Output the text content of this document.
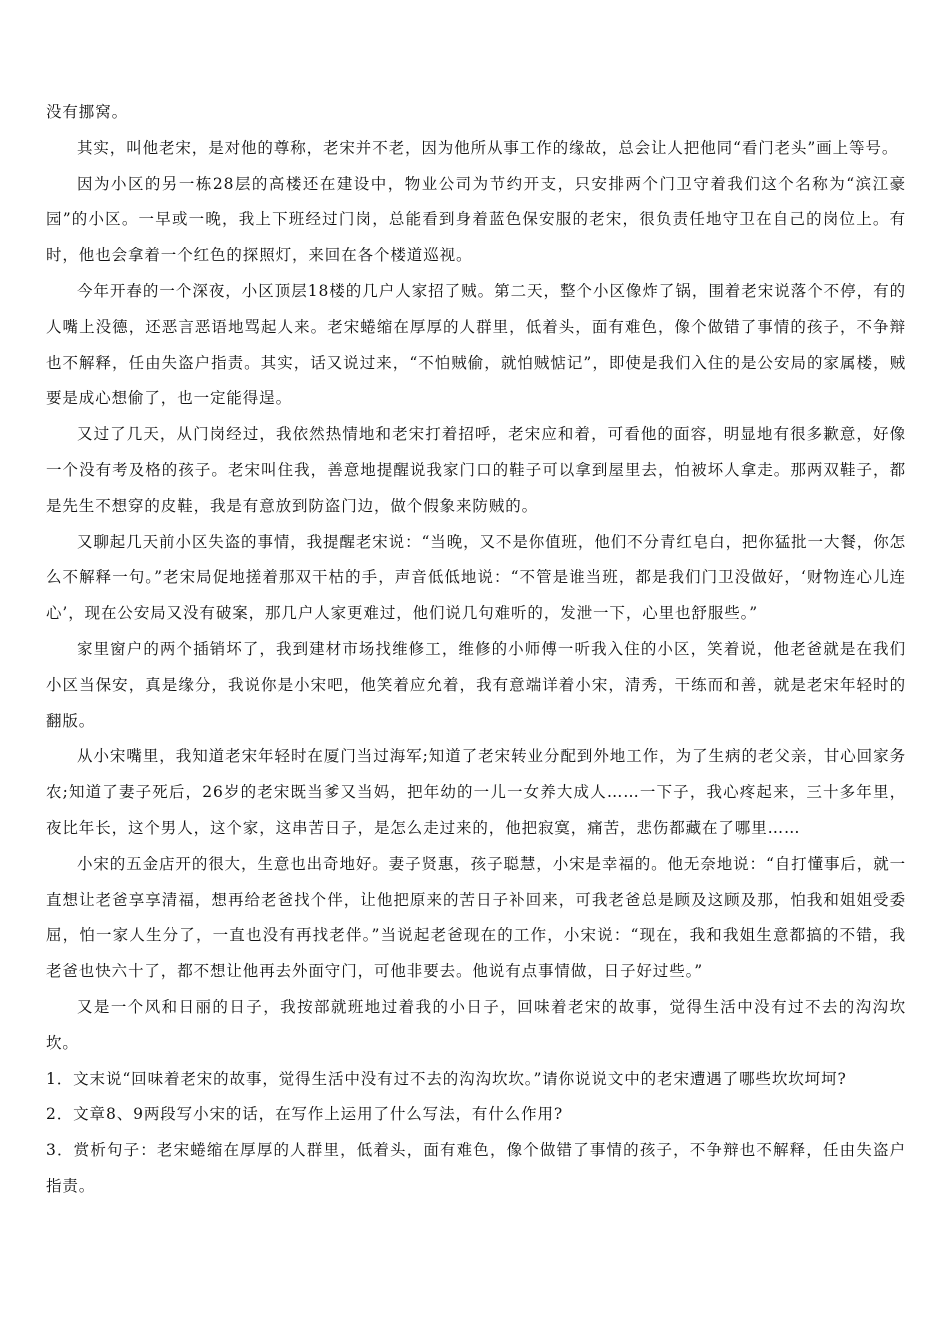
没有挪窝。

其实，叫他老宋，是对他的尊称，老宋并不老，因为他所从事工作的缘故，总会让人把他同“看门老头”画上等号。

因为小区的另一栋28层的高楼还在建设中，物业公司为节约开支，只安排两个门卫守着我们这个名称为“滨江豪园”的小区。一早或一晚，我上下班经过门岗，总能看到身着蓝色保安服的老宋，很负责任地守卫在自己的岗位上。有时，他也会拿着一个红色的探照灯，来回在各个楼道巡视。

今年开春的一个深夜，小区顶层18楼的几户人家招了贼。第二天，整个小区像炸了锅，围着老宋说落个不停，有的人嘴上没德，还恶言恶语地骂起人来。老宋蜷缩在厚厚的人群里，低着头，面有难色，像个做错了事情的孩子，不争辩也不解释，任由失盗户指责。其实，话又说过来，“不怕贼偷，就怕贼惦记”，即使是我们入住的是公安局的家属楼，贼要是成心想偷了，也一定能得逞。

又过了几天，从门岗经过，我依然热情地和老宋打着招呼，老宋应和着，可看他的面容，明显地有很多歉意，好像一个没有考及格的孩子。老宋叫住我，善意地提醒说我家门口的鞋子可以拿到屋里去，怕被坏人拿走。那两双鞋子，都是先生不想穿的皮鞋，我是有意放到防盗门边，做个假象来防贼的。

又聊起几天前小区失盗的事情，我提醒老宋说：“当晚，又不是你值班，他们不分青红皂白，把你猛批一大餐，你怎么不解释一句。”老宋局促地搓着那双干枯的手，声音低低地说：“不管是谁当班，都是我们门卫没做好，‘财物连心儿连心’，现在公安局又没有破案，那几户人家更难过，他们说几句难听的，发泄一下，心里也舒服些。”

家里窗户的两个插销坏了，我到建材市场找维修工，维修的小师傅一听我入住的小区，笑着说，他老爸就是在我们小区当保安，真是缘分，我说你是小宋吧，他笑着应允着，我有意端详着小宋，清秀，干练而和善，就是老宋年轻时的翻版。

从小宋嘴里，我知道老宋年轻时在厦门当过海军;知道了老宋转业分配到外地工作，为了生病的老父亲，甘心回家务农;知道了妻子死后，26岁的老宋既当爹又当妈，把年幼的一儿一女养大成人……一下子，我心疼起来，三十多年里，夜比年长，这个男人，这个家，这串苦日子，是怎么走过来的，他把寂寞，痛苦，悲伤都藏在了哪里……

小宋的五金店开的很大，生意也出奇地好。妻子贤惠，孩子聪慧，小宋是幸福的。他无奈地说：“自打懂事后，就一直想让老爸享享清福，想再给老爸找个伴，让他把原来的苦日子补回来，可我老爸总是顾及这顾及那，怕我和姐姐受委屈，怕一家人生分了，一直也没有再找老伴。”当说起老爸现在的工作，小宋说：“现在，我和我姐生意都搞的不错，我老爸也快六十了，都不想让他再去外面守门，可他非要去。他说有点事情做，日子好过些。”

又是一个风和日丽的日子，我按部就班地过着我的小日子，回味着老宋的故事，觉得生活中没有过不去的沟沟坎坎。

1．文末说“回味着老宋的故事，觉得生活中没有过不去的沟沟坎坎。”请你说说文中的老宋遭遇了哪些坎坎坷坷?

2．文章8、9两段写小宋的话，在写作上运用了什么写法，有什么作用?

3．赏析句子：老宋蜷缩在厚厚的人群里，低着头，面有难色，像个做错了事情的孩子，不争辩也不解释，任由失盗户指责。
